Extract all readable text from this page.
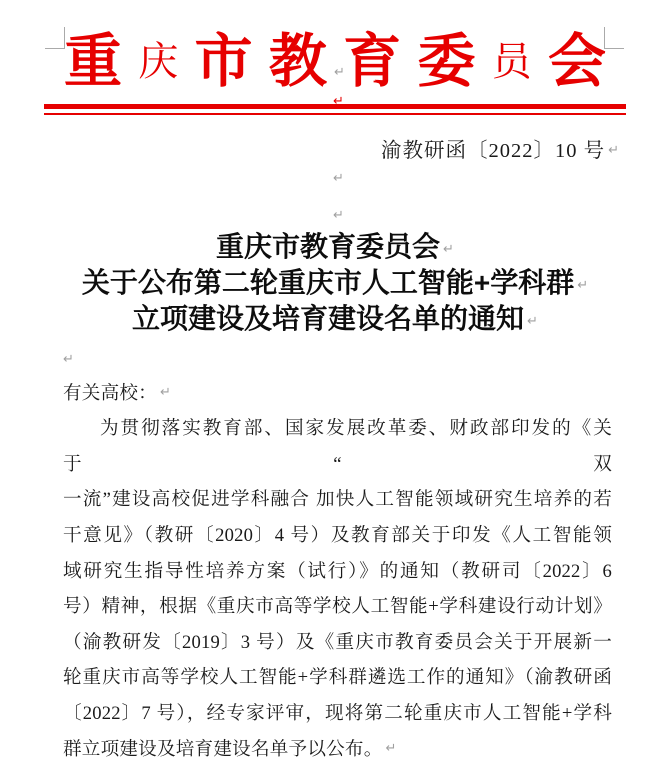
重 庆 市 教 育 委 员 会
↵
↵
渝教研函〔2022〕10 号 ↵
↵
↵
重庆市教育委员会 ↵
关于公布第二轮重庆市人工智能+学科群 ↵
立项建设及培育建设名单的通知 ↵
↵
有关高校： ↵
为贯彻落实教育部、国家发展改革委、财政部印发的《关于“双
一流”建设高校促进学科融合 加快人工智能领域研究生培养的若
干意见》（教研〔2020〕4 号）及教育部关于印发《人工智能领
域研究生指导性培养方案（试行）》的通知（教研司〔2022〕6
号）精神，根据《重庆市高等学校人工智能+学科建设行动计划》
（渝教研发〔2019〕3 号）及《重庆市教育委员会关于开展新一
轮重庆市高等学校人工智能+学科群遴选工作的通知》（渝教研函
〔2022〕7 号），经专家评审，现将第二轮重庆市人工智能+学科
群立项建设及培育建设名单予以公布。 ↵
